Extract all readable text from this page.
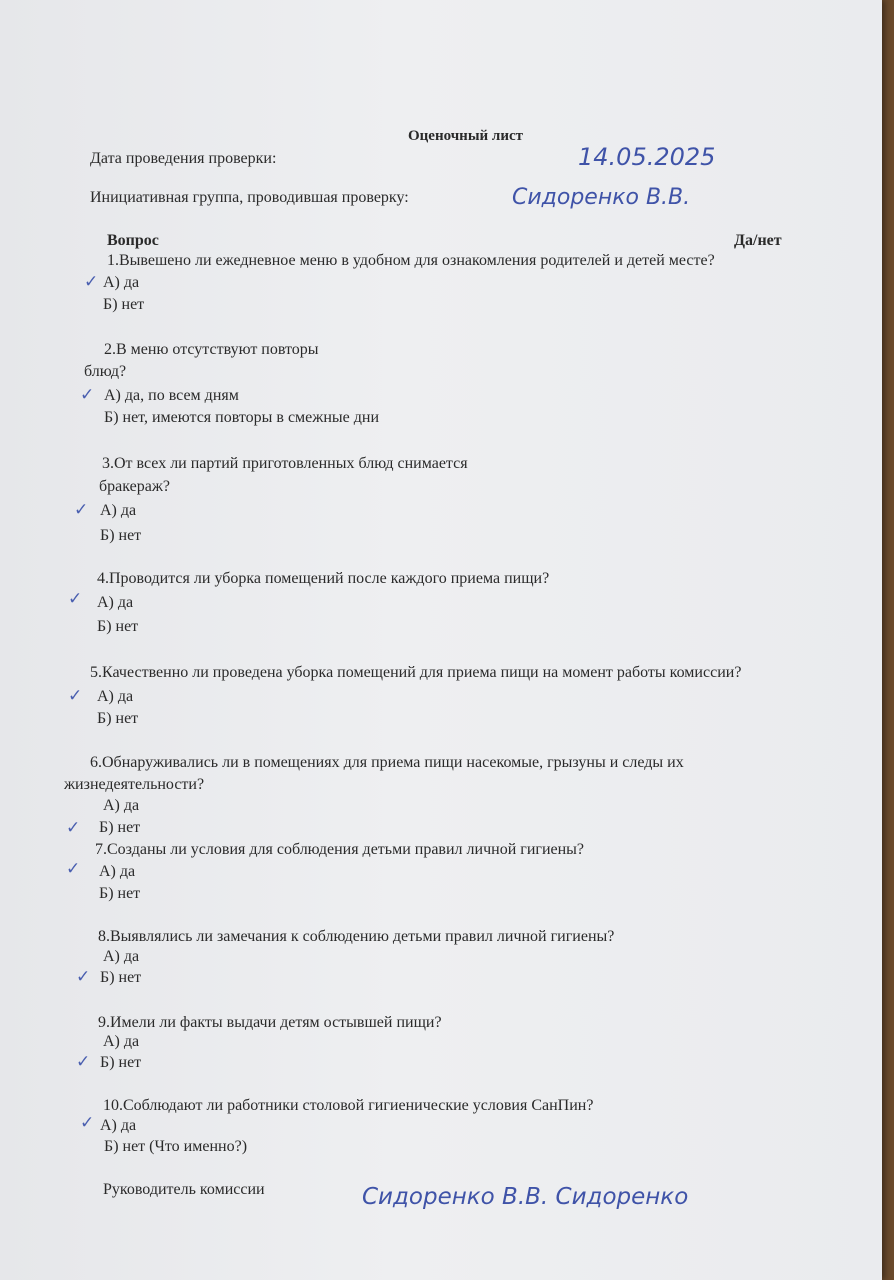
Оценочный лист
Дата проведения проверки:	14.05.2025
Инициативная группа, проводившая проверку:	Сидоренко В.В.
Вопрос	Да/нет
1.Вывешено ли ежедневное меню в удобном для ознакомления родителей и детей месте?
✓ А) да
Б) нет
2.В меню отсутствуют повторы
блюд?
✓ А) да, по всем дням
Б) нет, имеются повторы в смежные дни
3.От всех ли партий приготовленных блюд снимается
бракераж?
✓ А) да
Б) нет
4.Проводится ли уборка помещений после каждого приема пищи?
✓ А) да
Б) нет
5.Качественно ли проведена уборка помещений для приема пищи на момент работы комиссии?
✓ А) да
Б) нет
6.Обнаруживались ли в помещениях для приема пищи насекомые, грызуны и следы их
жизнедеятельности?
А) да
✓ Б) нет
7.Созданы ли условия для соблюдения детьми правил личной гигиены?
✓ А) да
Б) нет
8.Выявлялись ли замечания к соблюдению детьми правил личной гигиены?
А) да
✓ Б) нет
9.Имели ли факты выдачи детям остывшей пищи?
А) да
✓ Б) нет
10.Соблюдают ли работники столовой гигиенические условия СанПин?
✓ А) да
Б) нет (Что именно?)
Руководитель комиссии	Сидоренко В.В. Сидоренко
